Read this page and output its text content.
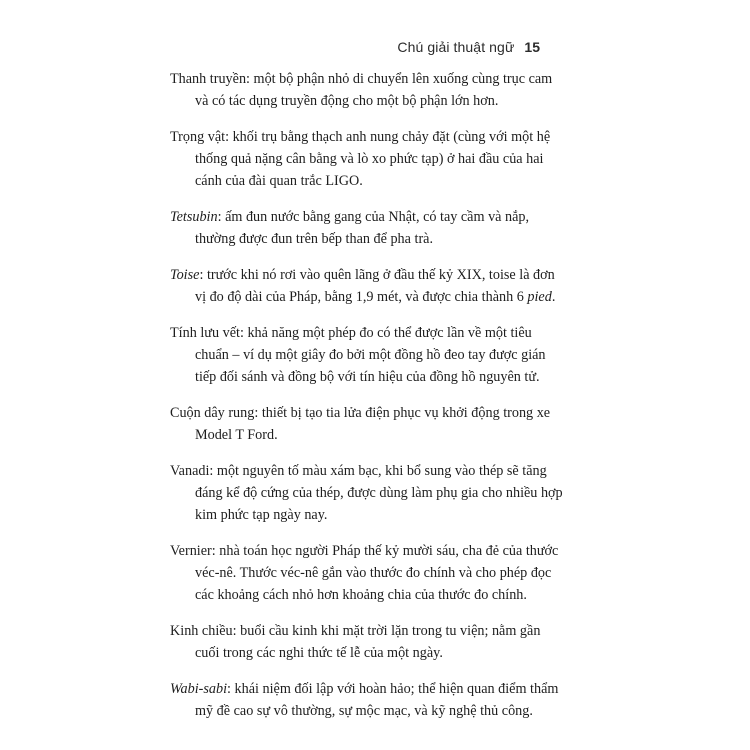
Chú giải thuật ngữ 15
Thanh truyền: một bộ phận nhỏ di chuyển lên xuống cùng trục cam và có tác dụng truyền động cho một bộ phận lớn hơn.
Trọng vật: khối trụ bằng thạch anh nung chảy đặt (cùng với một hệ thống quả nặng cân bằng và lò xo phức tạp) ở hai đầu của hai cánh của đài quan trắc LIGO.
Tetsubin: ấm đun nước bằng gang của Nhật, có tay cầm và nắp, thường được đun trên bếp than để pha trà.
Toise: trước khi nó rơi vào quên lãng ở đầu thế kỷ XIX, toise là đơn vị đo độ dài của Pháp, bằng 1,9 mét, và được chia thành 6 pied.
Tính lưu vết: khả năng một phép đo có thể được lần về một tiêu chuẩn – ví dụ một giây đo bởi một đồng hồ đeo tay được gián tiếp đối sánh và đồng bộ với tín hiệu của đồng hồ nguyên tử.
Cuộn dây rung: thiết bị tạo tia lửa điện phục vụ khởi động trong xe Model T Ford.
Vanadi: một nguyên tố màu xám bạc, khi bổ sung vào thép sẽ tăng đáng kể độ cứng của thép, được dùng làm phụ gia cho nhiều hợp kim phức tạp ngày nay.
Vernier: nhà toán học người Pháp thế kỷ mười sáu, cha đẻ của thước véc-nê. Thước véc-nê gắn vào thước đo chính và cho phép đọc các khoảng cách nhỏ hơn khoảng chia của thước đo chính.
Kinh chiều: buổi cầu kinh khi mặt trời lặn trong tu viện; nằm gần cuối trong các nghi thức tế lễ của một ngày.
Wabi-sabi: khái niệm đối lập với hoàn hảo; thể hiện quan điểm thẩm mỹ đề cao sự vô thường, sự mộc mạc, và kỹ nghệ thủ công.
